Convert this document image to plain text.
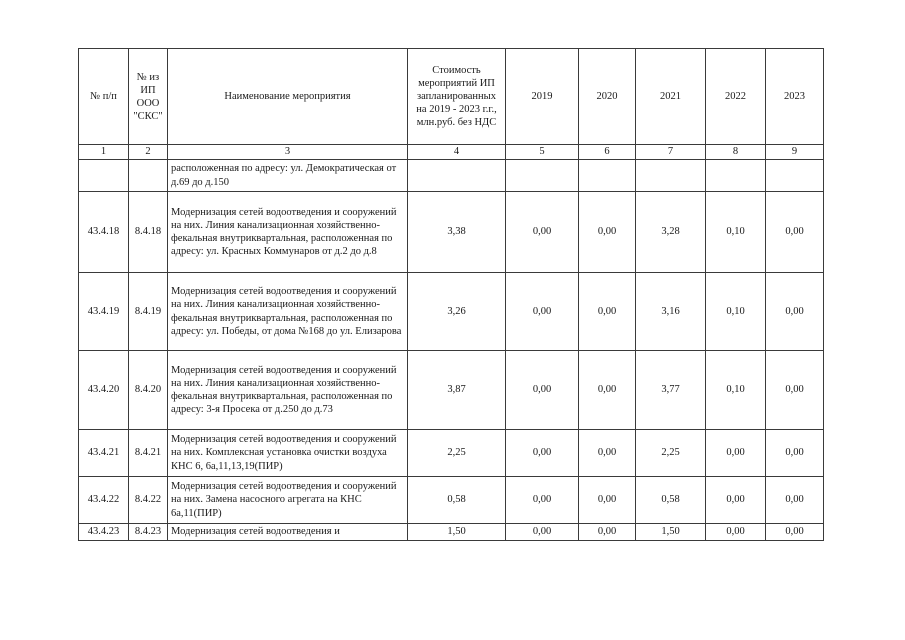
№ п/п	№ из ИП ООО "СКС"	Наименование мероприятия	Стоимость мероприятий ИП запланированных на 2019 - 2023 г.г., млн.руб. без НДС	2019	2020	2021	2022	2023
1	2	3	4	5	6	7	8	9
		расположенная по адресу: ул. Демократическая от д.69 до д.150						
43.4.18	8.4.18	Модернизация сетей водоотведения и сооружений на них. Линия канализационная хозяйственно-фекальная внутриквартальная, расположенная по адресу: ул. Красных Коммунаров от д.2 до д.8	3,38	0,00	0,00	3,28	0,10	0,00
43.4.19	8.4.19	Модернизация сетей водоотведения и сооружений на них. Линия канализационная хозяйственно-фекальная внутриквартальная, расположенная по адресу: ул. Победы, от дома №168 до ул. Елизарова	3,26	0,00	0,00	3,16	0,10	0,00
43.4.20	8.4.20	Модернизация сетей водоотведения и сооружений на них. Линия канализационная хозяйственно-фекальная внутриквартальная, расположенная по адресу: 3-я Просека от д.250 до д.73	3,87	0,00	0,00	3,77	0,10	0,00
43.4.21	8.4.21	Модернизация сетей водоотведения и сооружений на них. Комплексная установка очистки воздуха КНС 6, 6а,11,13,19(ПИР)	2,25	0,00	0,00	2,25	0,00	0,00
43.4.22	8.4.22	Модернизация сетей водоотведения и сооружений на них. Замена насосного агрегата на КНС 6а,11(ПИР)	0,58	0,00	0,00	0,58	0,00	0,00
43.4.23	8.4.23	Модернизация сетей водоотведения и	1,50	0,00	0,00	1,50	0,00	0,00
